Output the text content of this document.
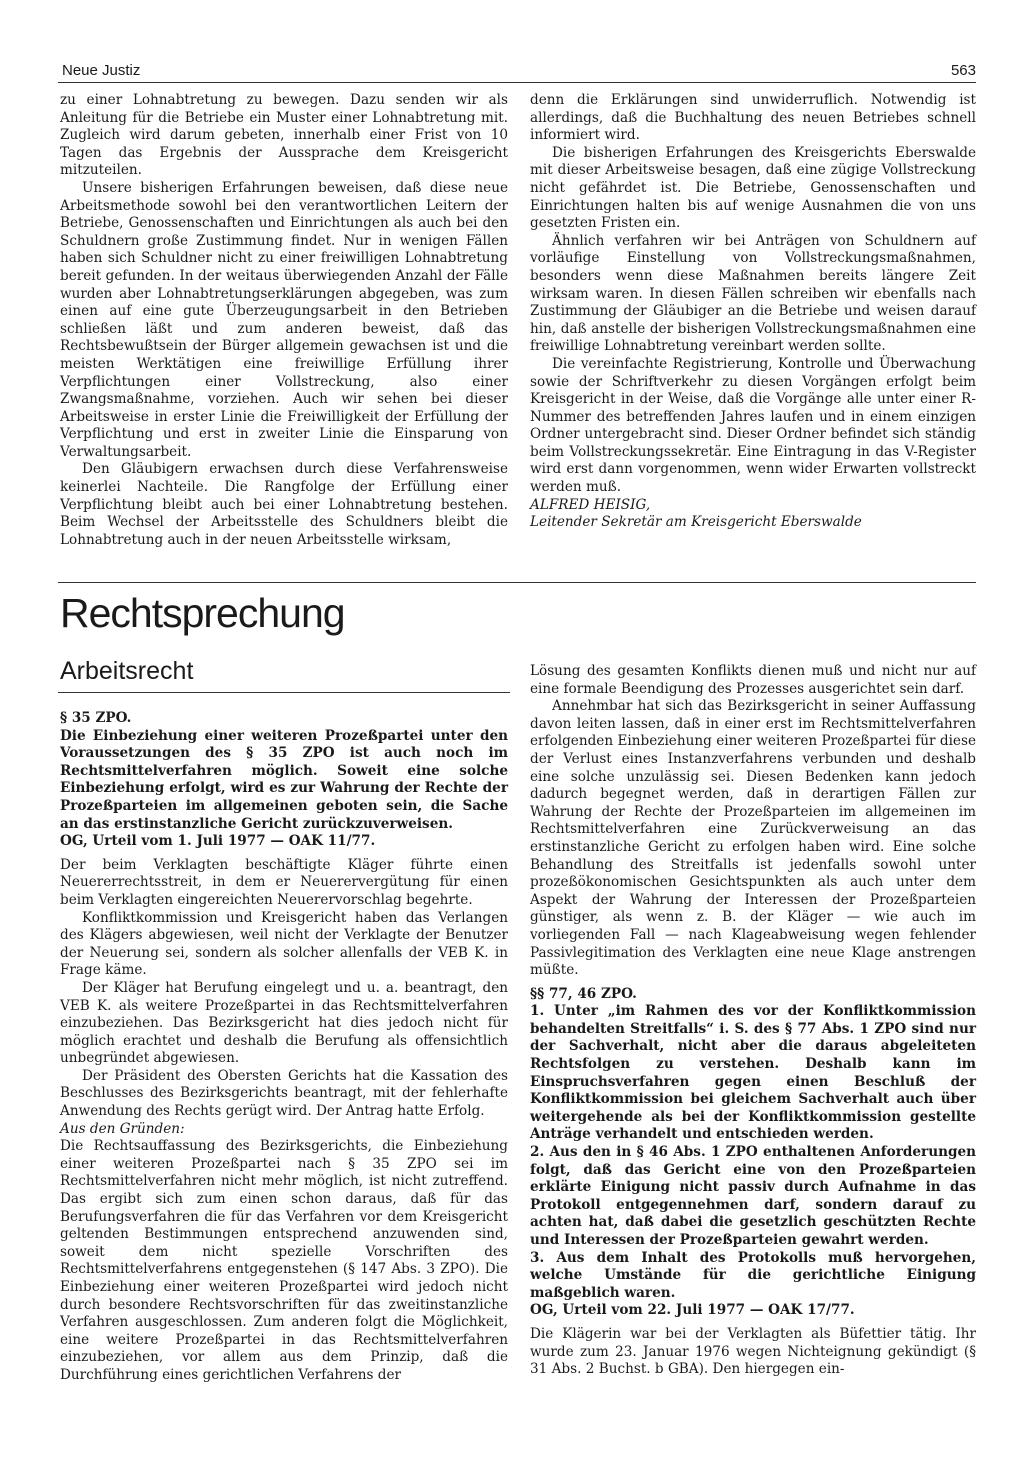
Neue Justiz	563

zu einer Lohnabtretung zu bewegen. Dazu senden wir als Anleitung für die Betriebe ein Muster einer Lohnabtretung mit. Zugleich wird darum gebeten, innerhalb einer Frist von 10 Tagen das Ergebnis der Aussprache dem Kreisgericht mitzuteilen.

Unsere bisherigen Erfahrungen beweisen, daß diese neue Arbeitsmethode sowohl bei den verantwortlichen Leitern der Betriebe, Genossenschaften und Einrichtungen als auch bei den Schuldnern große Zustimmung findet. Nur in wenigen Fällen haben sich Schuldner nicht zu einer freiwilligen Lohnabtretung bereit gefunden. In der weitaus überwiegenden Anzahl der Fälle wurden aber Lohnabtretungserklärungen abgegeben, was zum einen auf eine gute Überzeugungsarbeit in den Betrieben schließen läßt und zum anderen beweist, daß das Rechtsbewußtsein der Bürger allgemein gewachsen ist und die meisten Werktätigen eine freiwillige Erfüllung ihrer Verpflichtungen einer Vollstreckung, also einer Zwangsmaßnahme, vorziehen. Auch wir sehen bei dieser Arbeitsweise in erster Linie die Freiwilligkeit der Erfüllung der Verpflichtung und erst in zweiter Linie die Einsparung von Verwaltungsarbeit.

Den Gläubigern erwachsen durch diese Verfahrensweise keinerlei Nachteile. Die Rangfolge der Erfüllung einer Verpflichtung bleibt auch bei einer Lohnabtretung bestehen. Beim Wechsel der Arbeitsstelle des Schuldners bleibt die Lohnabtretung auch in der neuen Arbeitsstelle wirksam,

denn die Erklärungen sind unwiderruflich. Notwendig ist allerdings, daß die Buchhaltung des neuen Betriebes schnell informiert wird.

Die bisherigen Erfahrungen des Kreisgerichts Eberswalde mit dieser Arbeitsweise besagen, daß eine zügige Vollstreckung nicht gefährdet ist. Die Betriebe, Genossenschaften und Einrichtungen halten bis auf wenige Ausnahmen die von uns gesetzten Fristen ein.

Ähnlich verfahren wir bei Anträgen von Schuldnern auf vorläufige Einstellung von Vollstreckungsmaßnahmen, besonders wenn diese Maßnahmen bereits längere Zeit wirksam waren. In diesen Fällen schreiben wir ebenfalls nach Zustimmung der Gläubiger an die Betriebe und weisen darauf hin, daß anstelle der bisherigen Vollstreckungsmaßnahmen eine freiwillige Lohnabtretung vereinbart werden sollte.

Die vereinfachte Registrierung, Kontrolle und Überwachung sowie der Schriftverkehr zu diesen Vorgängen erfolgt beim Kreisgericht in der Weise, daß die Vorgänge alle unter einer R-Nummer des betreffenden Jahres laufen und in einem einzigen Ordner untergebracht sind. Dieser Ordner befindet sich ständig beim Vollstreckungssekretär. Eine Eintragung in das V-Register wird erst dann vorgenommen, wenn wider Erwarten vollstreckt werden muß.

ALFRED HEISIG,

Leitender Sekretär am Kreisgericht Eberswalde

Rechtsprechung
Arbeitsrecht

§ 35 ZPO.

Die Einbeziehung einer weiteren Prozeßpartei unter den Voraussetzungen des § 35 ZPO ist auch noch im Rechtsmittelverfahren möglich. Soweit eine solche Einbeziehung erfolgt, wird es zur Wahrung der Rechte der Prozeßparteien im allgemeinen geboten sein, die Sache an das erstinstanzliche Gericht zurückzuverweisen.

OG, Urteil vom 1. Juli 1977 — OAK 11/77.

Der beim Verklagten beschäftigte Kläger führte einen Neuererrechtsstreit, in dem er Neuerervergütung für einen beim Verklagten eingereichten Neuerervorschlag begehrte.

Konfliktkommission und Kreisgericht haben das Verlangen des Klägers abgewiesen, weil nicht der Verklagte der Benutzer der Neuerung sei, sondern als solcher allenfalls der VEB K. in Frage käme.

Der Kläger hat Berufung eingelegt und u. a. beantragt, den VEB K. als weitere Prozeßpartei in das Rechtsmittelverfahren einzubeziehen. Das Bezirksgericht hat dies jedoch nicht für möglich erachtet und deshalb die Berufung als offensichtlich unbegründet abgewiesen.

Der Präsident des Obersten Gerichts hat die Kassation des Beschlusses des Bezirksgerichts beantragt, mit der fehlerhafte Anwendung des Rechts gerügt wird. Der Antrag hatte Erfolg.

Aus den Gründen:

Die Rechtsauffassung des Bezirksgerichts, die Einbeziehung einer weiteren Prozeßpartei nach § 35 ZPO sei im Rechtsmittelverfahren nicht mehr möglich, ist nicht zutreffend. Das ergibt sich zum einen schon daraus, daß für das Berufungsverfahren die für das Verfahren vor dem Kreisgericht geltenden Bestimmungen entsprechend anzuwenden sind, soweit dem nicht spezielle Vorschriften des Rechtsmittelverfahrens entgegenstehen (§ 147 Abs. 3 ZPO). Die Einbeziehung einer weiteren Prozeßpartei wird jedoch nicht durch besondere Rechtsvorschriften für das zweitinstanzliche Verfahren ausgeschlossen. Zum anderen folgt die Möglichkeit, eine weitere Prozeßpartei in das Rechtsmittelverfahren einzubeziehen, vor allem aus dem Prinzip, daß die Durchführung eines gerichtlichen Verfahrens der

Lösung des gesamten Konflikts dienen muß und nicht nur auf eine formale Beendigung des Prozesses ausgerichtet sein darf.

Annehmbar hat sich das Bezirksgericht in seiner Auffassung davon leiten lassen, daß in einer erst im Rechtsmittelverfahren erfolgenden Einbeziehung einer weiteren Prozeßpartei für diese der Verlust eines Instanzverfahrens verbunden und deshalb eine solche unzulässig sei. Diesen Bedenken kann jedoch dadurch begegnet werden, daß in derartigen Fällen zur Wahrung der Rechte der Prozeßparteien im allgemeinen im Rechtsmittelverfahren eine Zurückverweisung an das erstinstanzliche Gericht zu erfolgen haben wird. Eine solche Behandlung des Streitfalls ist jedenfalls sowohl unter prozeßökonomischen Gesichtspunkten als auch unter dem Aspekt der Wahrung der Interessen der Prozeßparteien günstiger, als wenn z. B. der Kläger — wie auch im vorliegenden Fall — nach Klageabweisung wegen fehlender Passivlegitimation des Verklagten eine neue Klage anstrengen müßte.

§§ 77, 46 ZPO.

1. Unter „im Rahmen des vor der Konfliktkommission behandelten Streitfalls“ i. S. des § 77 Abs. 1 ZPO sind nur der Sachverhalt, nicht aber die daraus abgeleiteten Rechtsfolgen zu verstehen. Deshalb kann im Einspruchsverfahren gegen einen Beschluß der Konfliktkommission bei gleichem Sachverhalt auch über weitergehende als bei der Konfliktkommission gestellte Anträge verhandelt und entschieden werden.

2. Aus den in § 46 Abs. 1 ZPO enthaltenen Anforderungen folgt, daß das Gericht eine von den Prozeßparteien erklärte Einigung nicht passiv durch Aufnahme in das Protokoll entgegennehmen darf, sondern darauf zu achten hat, daß dabei die gesetzlich geschützten Rechte und Interessen der Prozeßparteien gewahrt werden.

3. Aus dem Inhalt des Protokolls muß hervorgehen, welche Umstände für die gerichtliche Einigung maßgeblich waren.

OG, Urteil vom 22. Juli 1977 — OAK 17/77.

Die Klägerin war bei der Verklagten als Büfettier tätig. Ihr wurde zum 23. Januar 1976 wegen Nichteignung gekündigt (§ 31 Abs. 2 Buchst. b GBA). Den hiergegen ein-
